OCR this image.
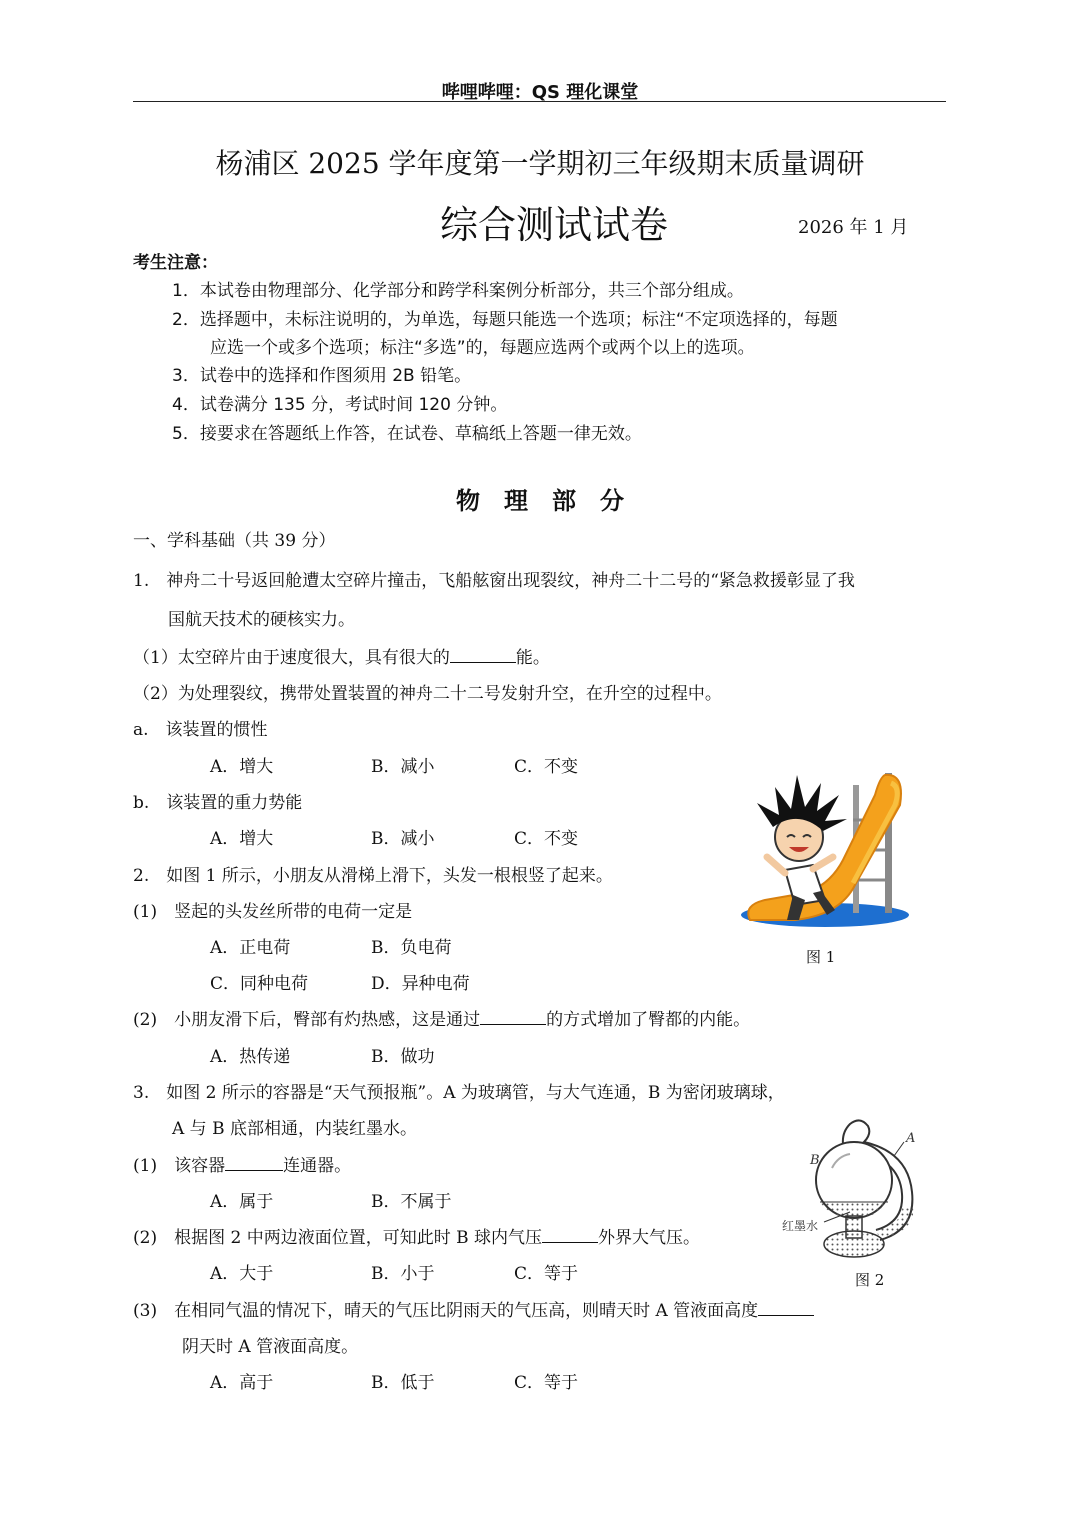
哔哩哔哩：QS 理化课堂
杨浦区 2025 学年度第一学期初三年级期末质量调研
综合测试试卷	2026 年 1 月
考生注意：
1．本试卷由物理部分、化学部分和跨学科案例分析部分，共三个部分组成。
2．选择题中，未标注说明的，为单选，每题只能选一个选项；标注“不定项选择的，每题
应选一个或多个选项；标注“多选”的，每题应选两个或两个以上的选项。
3．试卷中的选择和作图须用 2B 铅笔。
4．试卷满分 135 分，考试时间 120 分钟。
5．接要求在答题纸上作答，在试卷、草稿纸上答题一律无效。
物　理　部　分
一、学科基础（共 39 分）
1.　神舟二十号返回舱遭太空碎片撞击，飞船舷窗出现裂纹，神舟二十二号的“紧急救援彰显了我
国航天技术的硬核实力。
（1）太空碎片由于速度很大，具有很大的	能。
（2）为处理裂纹，携带处置装置的神舟二十二号发射升空，在升空的过程中。
a.　该装置的惯性
A．增大	B．减小	C．不变
b.　该装置的重力势能
A．增大	B．减小	C．不变
图 1
2.　如图 1 所示，小朋友从滑梯上滑下，头发一根根竖了起来。
(1)　竖起的头发丝所带的电荷一定是
A．正电荷	B．负电荷
C．同种电荷	D．异种电荷
(2)　小朋友滑下后，臀部有灼热感，这是通过	的方式增加了臀都的内能。
A．热传递	B．做功
3.　如图 2 所示的容器是“天气预报瓶”。A 为玻璃管，与大气连通，B 为密闭玻璃球，
A 与 B 底部相通，内装红墨水。
(1)　该容器	连通器。
A．属于	B．不属于
(2)　根据图 2 中两边液面位置，可知此时 B 球内气压	外界大气压。
A．大于	B．小于	C．等于
(3)　在相同气温的情况下，晴天的气压比阴雨天的气压高，则晴天时 A 管液面高度
阴天时 A 管液面高度。
A．高于	B．低于	C．等于
A
B
红墨水
图 2
